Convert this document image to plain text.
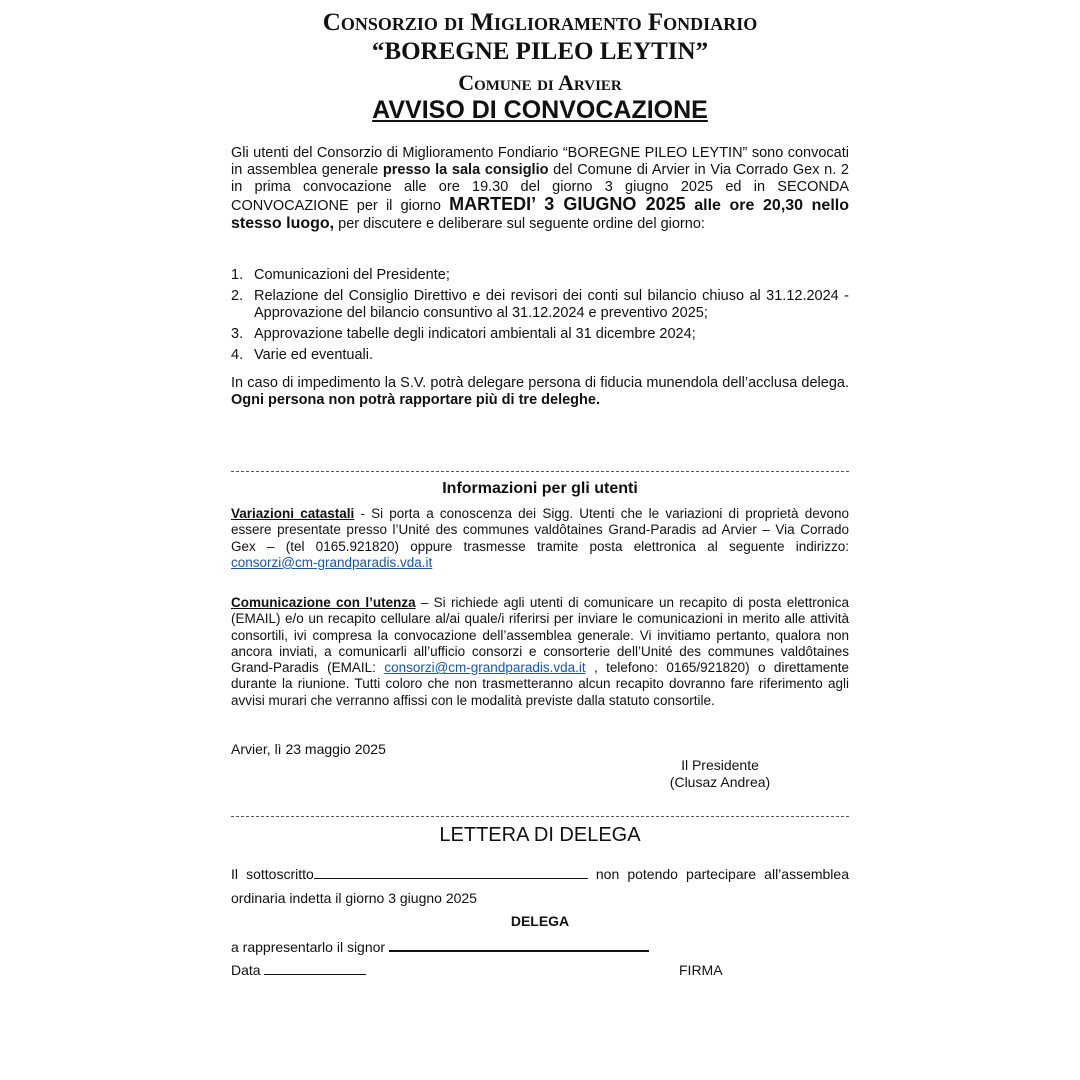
Consorzio di Miglioramento Fondiario
“BOREGNE PILEO LEYTIN”
Comune di Arvier
AVVISO DI CONVOCAZIONE
Gli utenti del Consorzio di Miglioramento Fondiario “BOREGNE PILEO LEYTIN” sono convocati in assemblea generale presso la sala consiglio del Comune di Arvier in Via Corrado Gex n. 2 in prima convocazione alle ore 19.30 del giorno 3 giugno 2025 ed in SECONDA CONVOCAZIONE per il giorno MARTEDI’ 3 GIUGNO 2025 alle ore 20,30 nello stesso luogo, per discutere e deliberare sul seguente ordine del giorno:
1. Comunicazioni del Presidente;
2. Relazione del Consiglio Direttivo e dei revisori dei conti sul bilancio chiuso al 31.12.2024 - Approvazione del bilancio consuntivo al 31.12.2024 e preventivo 2025;
3. Approvazione tabelle degli indicatori ambientali al 31 dicembre 2024;
4. Varie ed eventuali.
In caso di impedimento la S.V. potrà delegare persona di fiducia munendola dell’acclusa delega. Ogni persona non potrà rapportare più di tre deleghe.
Informazioni per gli utenti
Variazioni catastali - Si porta a conoscenza dei Sigg. Utenti che le variazioni di proprietà devono essere presentate presso l’Unité des communes valdôtaines Grand-Paradis ad Arvier – Via Corrado Gex – (tel 0165.921820) oppure trasmesse tramite posta elettronica al seguente indirizzo: consorzi@cm-grandparadis.vda.it
Comunicazione con l’utenza – Si richiede agli utenti di comunicare un recapito di posta elettronica (EMAIL) e/o un recapito cellulare al/ai quale/i riferirsi per inviare le comunicazioni in merito alle attività consortili, ivi compresa la convocazione dell’assemblea generale. Vi invitiamo pertanto, qualora non ancora inviati, a comunicarli all’ufficio consorzi e consorterie dell’Unité des communes valdôtaines Grand-Paradis (EMAIL: consorzi@cm-grandparadis.vda.it , telefono: 0165/921820) o direttamente durante la riunione. Tutti coloro che non trasmetteranno alcun recapito dovranno fare riferimento agli avvisi murari che verranno affissi con le modalità previste dalla statuto consortile.
Arvier, lì 23 maggio 2025
Il Presidente
(Clusaz Andrea)
LETTERA DI DELEGA
Il sottoscritto	non potendo partecipare all’assemblea ordinaria indetta il giorno 3 giugno 2025
DELEGA
a rappresentarlo il signor
Data	FIRMA
